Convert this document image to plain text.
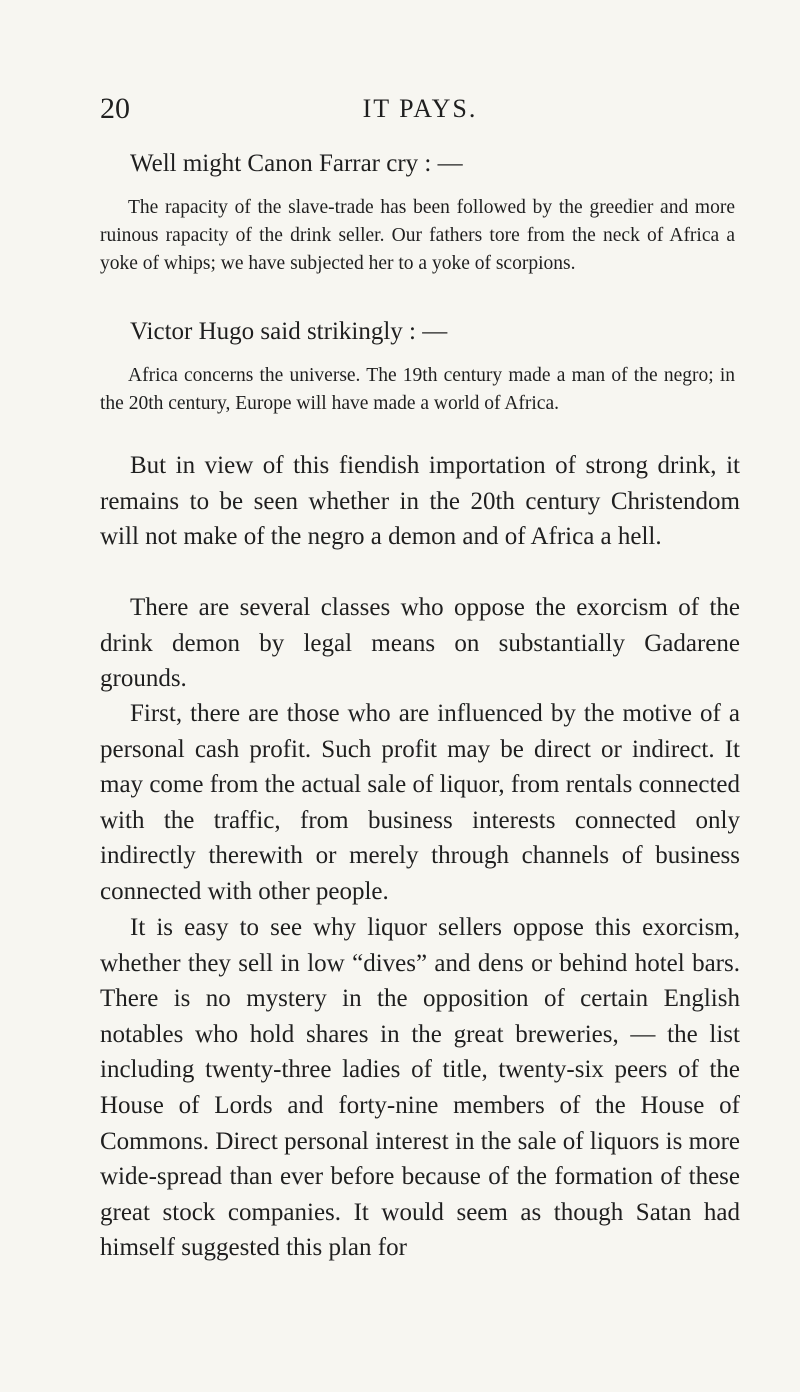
20	IT PAYS.
Well might Canon Farrar cry : —
The rapacity of the slave-trade has been followed by the greedier and more ruinous rapacity of the drink seller. Our fathers tore from the neck of Africa a yoke of whips; we have subjected her to a yoke of scorpions.
Victor Hugo said strikingly : —
Africa concerns the universe. The 19th century made a man of the negro; in the 20th century, Europe will have made a world of Africa.
But in view of this fiendish importation of strong drink, it remains to be seen whether in the 20th century Christendom will not make of the negro a demon and of Africa a hell.
There are several classes who oppose the exorcism of the drink demon by legal means on substantially Gadarene grounds.
First, there are those who are influenced by the motive of a personal cash profit. Such profit may be direct or indirect. It may come from the actual sale of liquor, from rentals connected with the traffic, from business interests connected only indirectly therewith or merely through channels of business connected with other people.
It is easy to see why liquor sellers oppose this exorcism, whether they sell in low “dives” and dens or behind hotel bars. There is no mystery in the opposition of certain English notables who hold shares in the great breweries, — the list including twenty-three ladies of title, twenty-six peers of the House of Lords and forty-nine members of the House of Commons. Direct personal interest in the sale of liquors is more wide-spread than ever before because of the formation of these great stock companies. It would seem as though Satan had himself suggested this plan for
